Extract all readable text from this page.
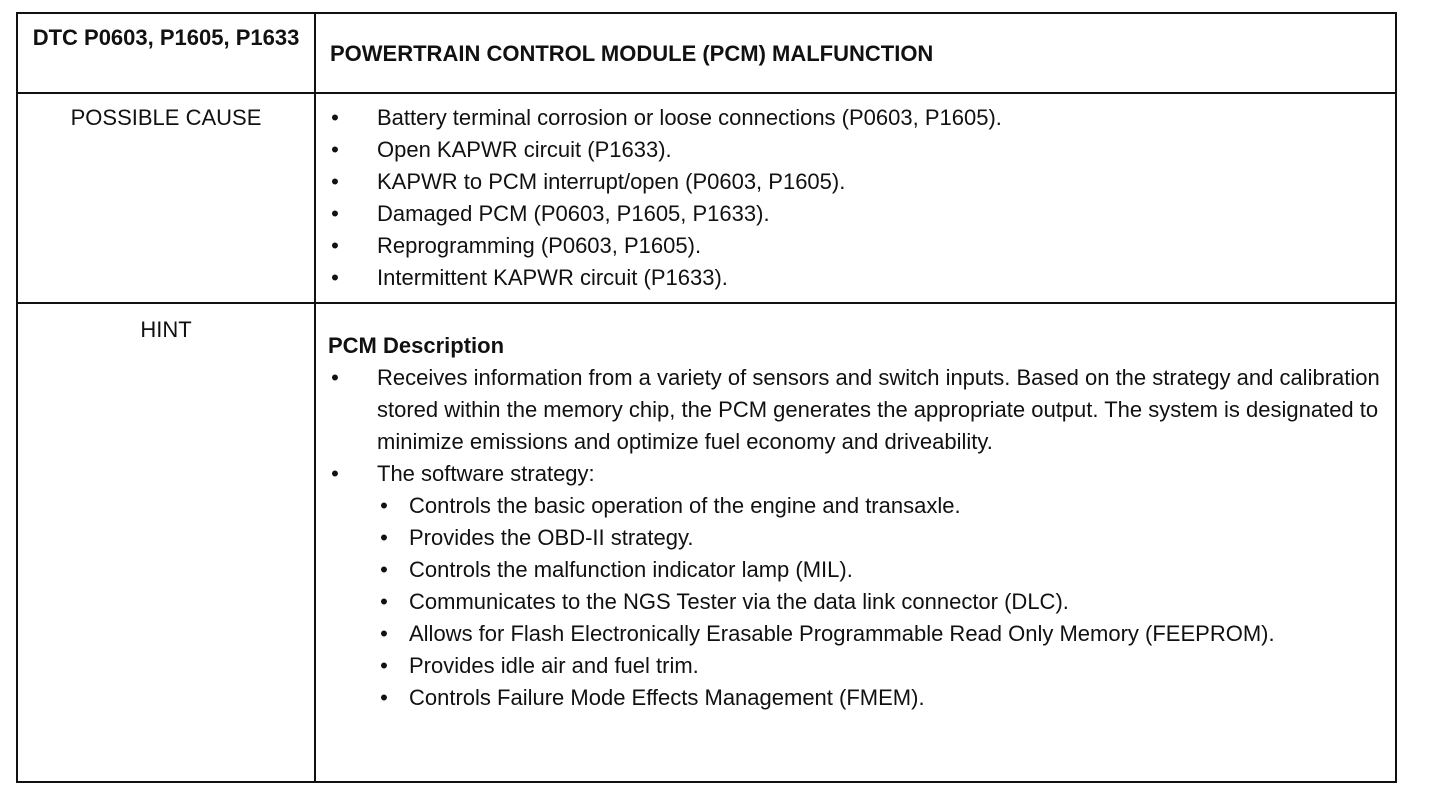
DTC P0603, P1605, P1633
POWERTRAIN CONTROL MODULE (PCM) MALFUNCTION
POSSIBLE CAUSE	• Battery terminal corrosion or loose connections (P0603, P1605).
• Open KAPWR circuit (P1633).
• KAPWR to PCM interrupt/open (P0603, P1605).
• Damaged PCM (P0603, P1605, P1633).
• Reprogramming (P0603, P1605).
• Intermittent KAPWR circuit (P1633).
HINT

PCM Description

• Receives information from a variety of sensors and switch inputs. Based on the strategy and calibration stored within the memory chip, the PCM generates the appropriate output. The system is designated to minimize emissions and optimize fuel economy and driveability.
• The software strategy:
• Controls the basic operation of the engine and transaxle.
• Provides the OBD-II strategy.
• Controls the malfunction indicator lamp (MIL).
• Communicates to the NGS Tester via the data link connector (DLC).
• Allows for Flash Electronically Erasable Programmable Read Only Memory (FEEPROM).
• Provides idle air and fuel trim.
• Controls Failure Mode Effects Management (FMEM).
